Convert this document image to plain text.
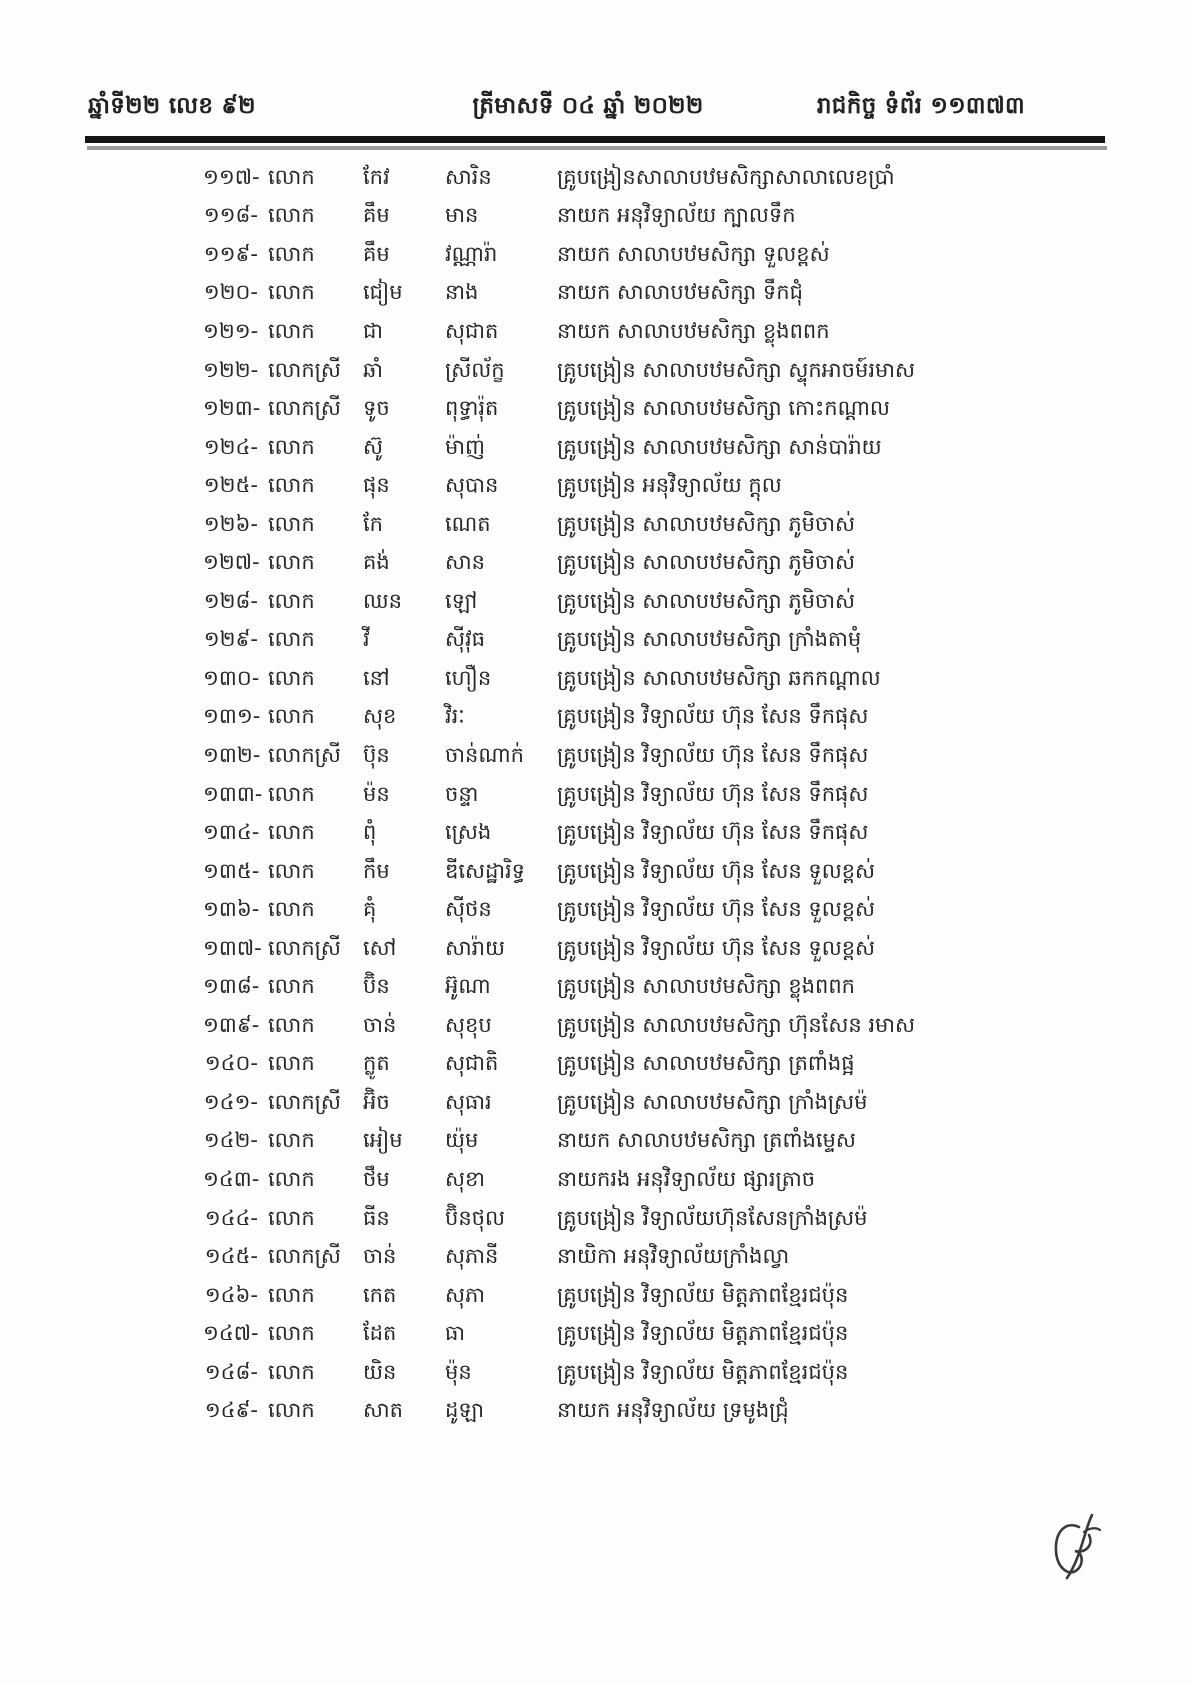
ឆ្នាំទី២២ លេខ ៩២	ត្រីមាសទី ០៤ ឆ្នាំ ២០២២	រាជកិច្ច ទំព័រ ១១៣៧៣
១១៧- លោក	កែវ	សារិន	គ្រូបង្រៀនសាលាបឋមសិក្សាសាលាលេខប្រាំ
១១៨- លោក	គឹម	មាន	នាយក អនុវិទ្យាល័យ ក្បាលទឹក
១១៩- លោក	គឹម	វណ្ណារ៉ា	នាយក សាលាបឋមសិក្សា ទួលខ្ពស់
១២០- លោក	ជៀម	នាង	នាយក សាលាបឋមសិក្សា ទឹកជុំ
១២១- លោក	ជា	សុជាត	នាយក សាលាបឋមសិក្សា ខ្លុងពពក
១២២- លោកស្រី	ឆាំ	ស្រីល័ក្ខ	គ្រូបង្រៀន សាលាបឋមសិក្សា ស្ទុកអាចម៍រមាស
១២៣- លោកស្រី	ទូច	ពុទ្ធារ៉ុត	គ្រូបង្រៀន សាលាបឋមសិក្សា កោះកណ្តាល
១២៤- លោក	ស៊ូ	ម៉ាញ់	គ្រូបង្រៀន សាលាបឋមសិក្សា សាន់បារ៉ាយ
១២៥- លោក	ផុន	សុបាន	គ្រូបង្រៀន អនុវិទ្យាល័យ ក្តុល
១២៦- លោក	កែ	ណេត	គ្រូបង្រៀន សាលាបឋមសិក្សា ភូមិចាស់
១២៧- លោក	គង់	សាន	គ្រូបង្រៀន សាលាបឋមសិក្សា ភូមិចាស់
១២៨- លោក	ឈន	ឡៅ	គ្រូបង្រៀន សាលាបឋមសិក្សា ភូមិចាស់
១២៩- លោក	វី	ស៊ីវុធ	គ្រូបង្រៀន សាលាបឋមសិក្សា ក្រាំងតាមុំ
១៣០- លោក	នៅ	ហឿន	គ្រូបង្រៀន សាលាបឋមសិក្សា ឆកកណ្តាល
១៣១- លោក	សុខ	វិរៈ	គ្រូបង្រៀន វិទ្យាល័យ ហ៊ុន សែន ទឹកផុស
១៣២- លោកស្រី	ប៊ុន	ចាន់ណាក់	គ្រូបង្រៀន វិទ្យាល័យ ហ៊ុន សែន ទឹកផុស
១៣៣- លោក	ម៉ន	ចន្ទា	គ្រូបង្រៀន វិទ្យាល័យ ហ៊ុន សែន ទឹកផុស
១៣៤- លោក	ពុំ	ស្រេង	គ្រូបង្រៀន វិទ្យាល័យ ហ៊ុន សែន ទឹកផុស
១៣៥- លោក	កឹម	ឌីសេដ្ឋារិទ្ធ	គ្រូបង្រៀន វិទ្យាល័យ ហ៊ុន សែន ទួលខ្ពស់
១៣៦- លោក	គុំ	ស៊ីថន	គ្រូបង្រៀន វិទ្យាល័យ ហ៊ុន សែន ទួលខ្ពស់
១៣៧- លោកស្រី	សៅ	សារ៉ាយ	គ្រូបង្រៀន វិទ្យាល័យ ហ៊ុន សែន ទួលខ្ពស់
១៣៨- លោក	ប៊ិន	អ៊ូណា	គ្រូបង្រៀន សាលាបឋមសិក្សា ខ្លុងពពក
១៣៩- លោក	ចាន់	សុខុប	គ្រូបង្រៀន សាលាបឋមសិក្សា ហ៊ុនសែន រមាស
១៤០- លោក	ក្លូត	សុជាតិ	គ្រូបង្រៀន សាលាបឋមសិក្សា ត្រពាំងផ្អ
១៤១- លោកស្រី	អ៊ិច	សុធារ	គ្រូបង្រៀន សាលាបឋមសិក្សា ក្រាំងស្រម៉
១៤២- លោក	អៀម	យ៉ុម	នាយក សាលាបឋមសិក្សា ត្រពាំងម្ទេស
១៤៣- លោក	ថឹម	សុខា	នាយករង អនុវិទ្យាល័យ ផ្សារត្រាច
១៤៤- លោក	ធីន	ប៊ិនថុល	គ្រូបង្រៀន វិទ្យាល័យហ៊ុនសែនក្រាំងស្រម៉
១៤៥- លោកស្រី	ចាន់	សុភានី	នាយិកា អនុវិទ្យាល័យក្រាំងល្វា
១៤៦- លោក	កេត	សុភា	គ្រូបង្រៀន វិទ្យាល័យ មិត្តភាពខ្មែរជប៉ុន
១៤៧- លោក	ដែត	ធា	គ្រូបង្រៀន វិទ្យាល័យ មិត្តភាពខ្មែរជប៉ុន
១៤៨- លោក	យិន	ម៉ុន	គ្រូបង្រៀន វិទ្យាល័យ មិត្តភាពខ្មែរជប៉ុន
១៤៩- លោក	សាត	ដូឡា	នាយក អនុវិទ្យាល័យ ទ្រមូងជ្រុំ
